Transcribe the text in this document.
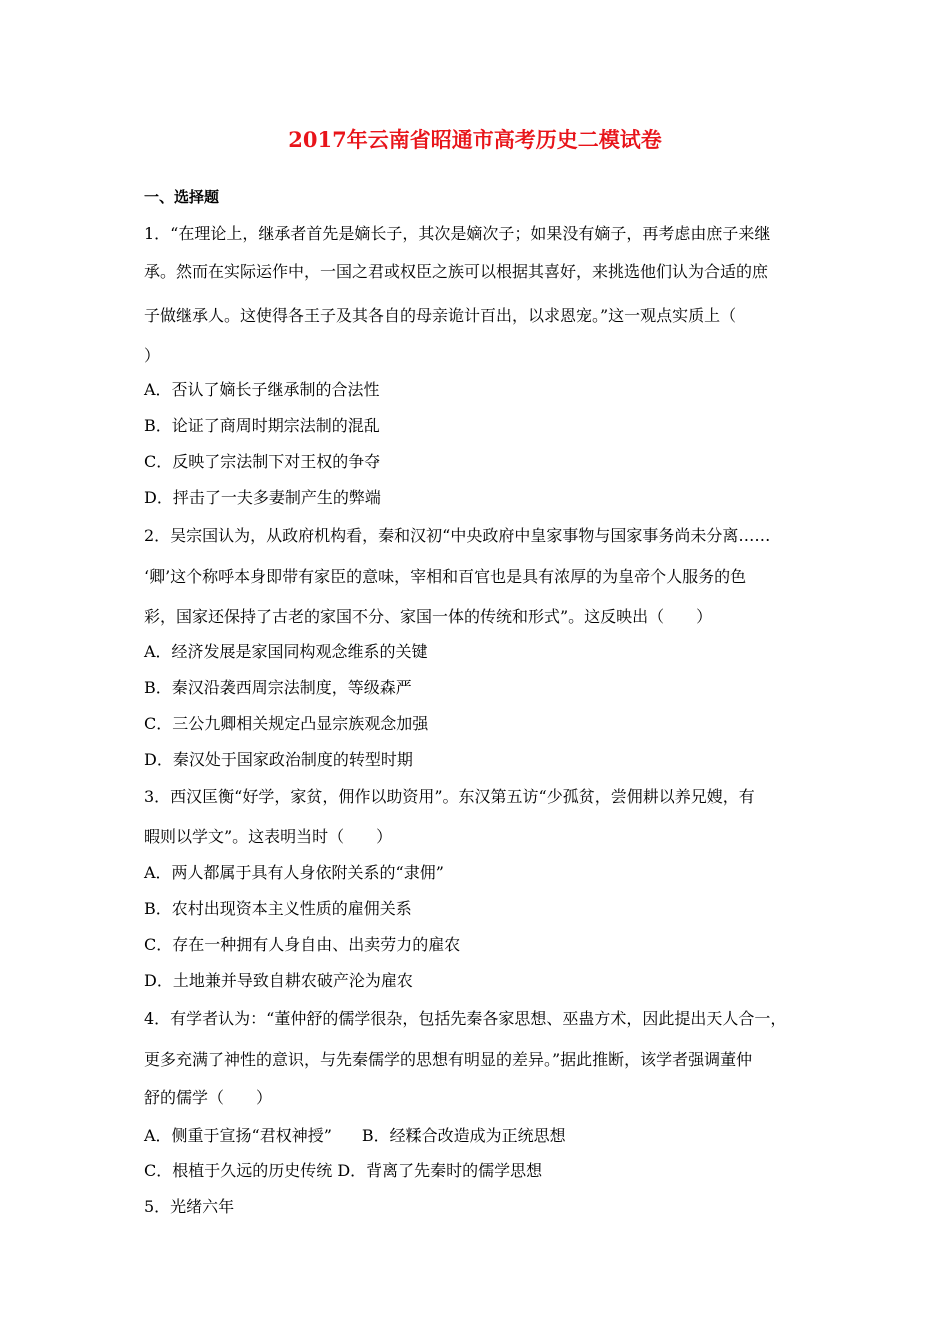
2017年云南省昭通市高考历史二模试卷
一、选择题
1．“在理论上，继承者首先是嫡长子，其次是嫡次子；如果没有嫡子，再考虑由庶子来继
承。然而在实际运作中，一国之君或权臣之族可以根据其喜好，来挑选他们认为合适的庶
子做继承人。这使得各王子及其各自的母亲诡计百出，以求恩宠。”这一观点实质上（
）
A．否认了嫡长子继承制的合法性
B．论证了商周时期宗法制的混乱
C．反映了宗法制下对王权的争夺
D．抨击了一夫多妻制产生的弊端
2．吴宗国认为，从政府机构看，秦和汉初“中央政府中皇家事物与国家事务尚未分离……
‘卿’这个称呼本身即带有家臣的意味，宰相和百官也是具有浓厚的为皇帝个人服务的色
彩，国家还保持了古老的家国不分、家国一体的传统和形式”。这反映出（　　）
A．经济发展是家国同构观念维系的关键
B．秦汉沿袭西周宗法制度，等级森严
C．三公九卿相关规定凸显宗族观念加强
D．秦汉处于国家政治制度的转型时期
3．西汉匡衡“好学，家贫，佣作以助资用”。东汉第五访“少孤贫，尝佣耕以养兄嫂，有
暇则以学文”。这表明当时（　　）
A．两人都属于具有人身依附关系的“隶佣”
B．农村出现资本主义性质的雇佣关系
C．存在一种拥有人身自由、出卖劳力的雇农
D．土地兼并导致自耕农破产沦为雇农
4．有学者认为：“董仲舒的儒学很杂，包括先秦各家思想、巫蛊方术，因此提出天人合一，
更多充满了神性的意识，与先秦儒学的思想有明显的差异。”据此推断，该学者强调董仲
舒的儒学（　　）
A．侧重于宣扬“君权神授” B．经糅合改造成为正统思想
C．根植于久远的历史传统 D．背离了先秦时的儒学思想
5．光绪六年
